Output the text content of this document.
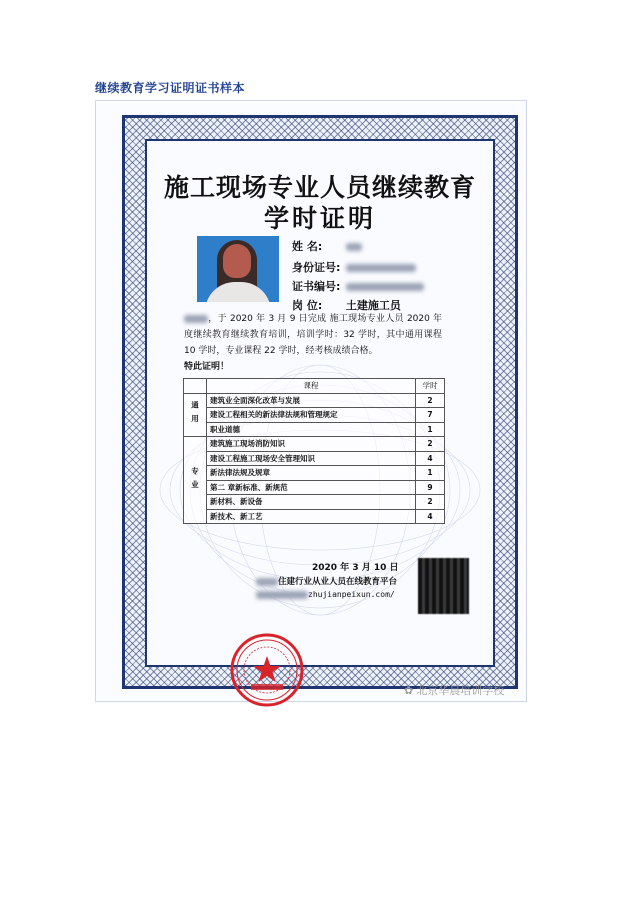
继续教育学习证明证书样本
施工现场专业人员继续教育
学时证明
姓 名:
身份证号:
证书编号:
岗 位: 土建施工员
，于 2020 年 3 月 9 日完成 施工现场专业人员 2020 年度继续教育继续教育培训，培训学时：32 学时，其中通用课程 10 学时，专业课程 22 学时，经考核成绩合格。
特此证明！
	课程	学时
通用	建筑业全面深化改革与发展	2
	建设工程相关的新法律法规和管理规定	7
	职业道德	1
专业	建筑施工现场消防知识	2
	建设工程施工现场安全管理知识	4
	新法律法规及规章	1
	第二 章新标准、新规范	9
	新材料、新设备	2
	新技术、新工艺	4
2020 年 3 月 10 日
住建行业从业人员在线教育平台
zhujianpeixun.com/
✿ 北京华晨培训学校
